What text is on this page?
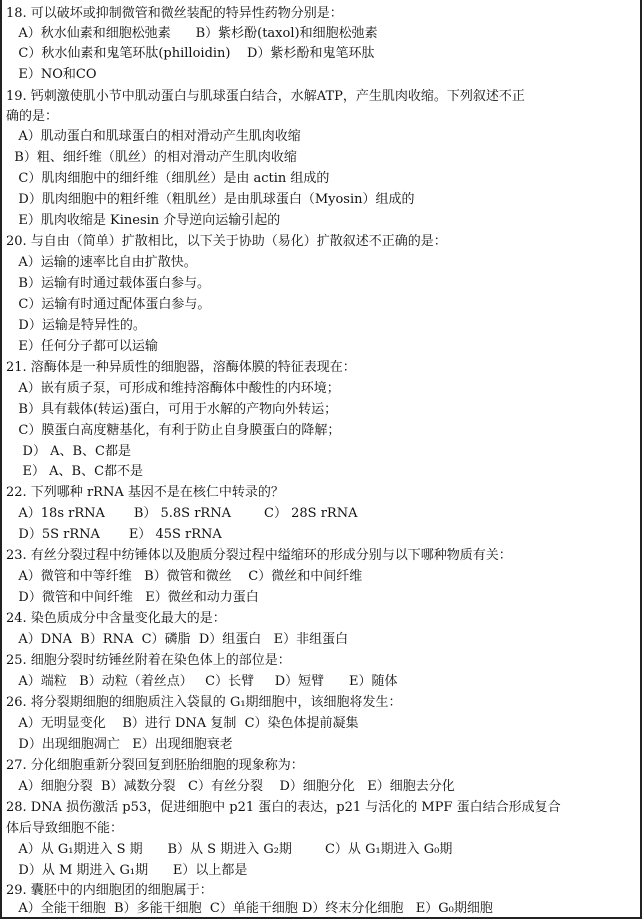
18. 可以破坏或抑制微管和微丝装配的特异性药物分别是：
A）秋水仙素和细胞松弛素      B）紫杉酚(taxol)和细胞松弛素
C）秋水仙素和鬼笔环肽(philloidin)    D）紫杉酚和鬼笔环肽
E）NO和CO
19. 钙刺激使肌小节中肌动蛋白与肌球蛋白结合，水解ATP，产生肌肉收缩。下列叙述不正
确的是：
A）肌动蛋白和肌球蛋白的相对滑动产生肌肉收缩
B）粗、细纤维（肌丝）的相对滑动产生肌肉收缩
C）肌肉细胞中的细纤维（细肌丝）是由 actin 组成的
D）肌肉细胞中的粗纤维（粗肌丝）是由肌球蛋白（Myosin）组成的
E）肌肉收缩是 Kinesin 介导逆向运输引起的
20. 与自由（简单）扩散相比，以下关于协助（易化）扩散叙述不正确的是：
A）运输的速率比自由扩散快。
B）运输有时通过载体蛋白参与。
C）运输有时通过配体蛋白参与。
D）运输是特异性的。
E）任何分子都可以运输
21. 溶酶体是一种异质性的细胞器，溶酶体膜的特征表现在：
A）嵌有质子泵，可形成和维持溶酶体中酸性的内环境；
B）具有载体(转运)蛋白，可用于水解的产物向外转运；
C）膜蛋白高度糖基化，有利于防止自身膜蛋白的降解；
D） A、B、C都是
E） A、B、C都不是
22. 下列哪种 rRNA 基因不是在核仁中转录的？
A）18s rRNA       B） 5.8S rRNA        C） 28S rRNA
D）5S rRNA       E） 45S rRNA
23. 有丝分裂过程中纺锤体以及胞质分裂过程中缢缩环的形成分别与以下哪种物质有关：
A）微管和中等纤维   B）微管和微丝    C）微丝和中间纤维
D）微管和中间纤维   E）微丝和动力蛋白
24. 染色质成分中含量变化最大的是：
A）DNA  B）RNA  C）磷脂  D）组蛋白   E）非组蛋白
25. 细胞分裂时纺锤丝附着在染色体上的部位是：
A）端粒   B）动粒（着丝点）   C）长臂     D）短臂      E）随体
26. 将分裂期细胞的细胞质注入袋鼠的 G₁期细胞中，该细胞将发生：
A）无明显变化    B）进行 DNA 复制  C）染色体提前凝集
D）出现细胞凋亡   E）出现细胞衰老
27. 分化细胞重新分裂回复到胚胎细胞的现象称为：
A）细胞分裂  B）减数分裂   C）有丝分裂    D）细胞分化   E）细胞去分化
28. DNA 损伤激活 p53，促进细胞中 p21 蛋白的表达，p21 与活化的 MPF 蛋白结合形成复合
体后导致细胞不能：
A）从 G₁期进入 S 期      B）从 S 期进入 G₂期        C）从 G₁期进入 G₀期
D）从 M 期进入 G₁期      E）以上都是
29. 囊胚中的内细胞团的细胞属于：
A）全能干细胞  B）多能干细胞  C）单能干细胞 D）终末分化细胞   E）G₀期细胞
